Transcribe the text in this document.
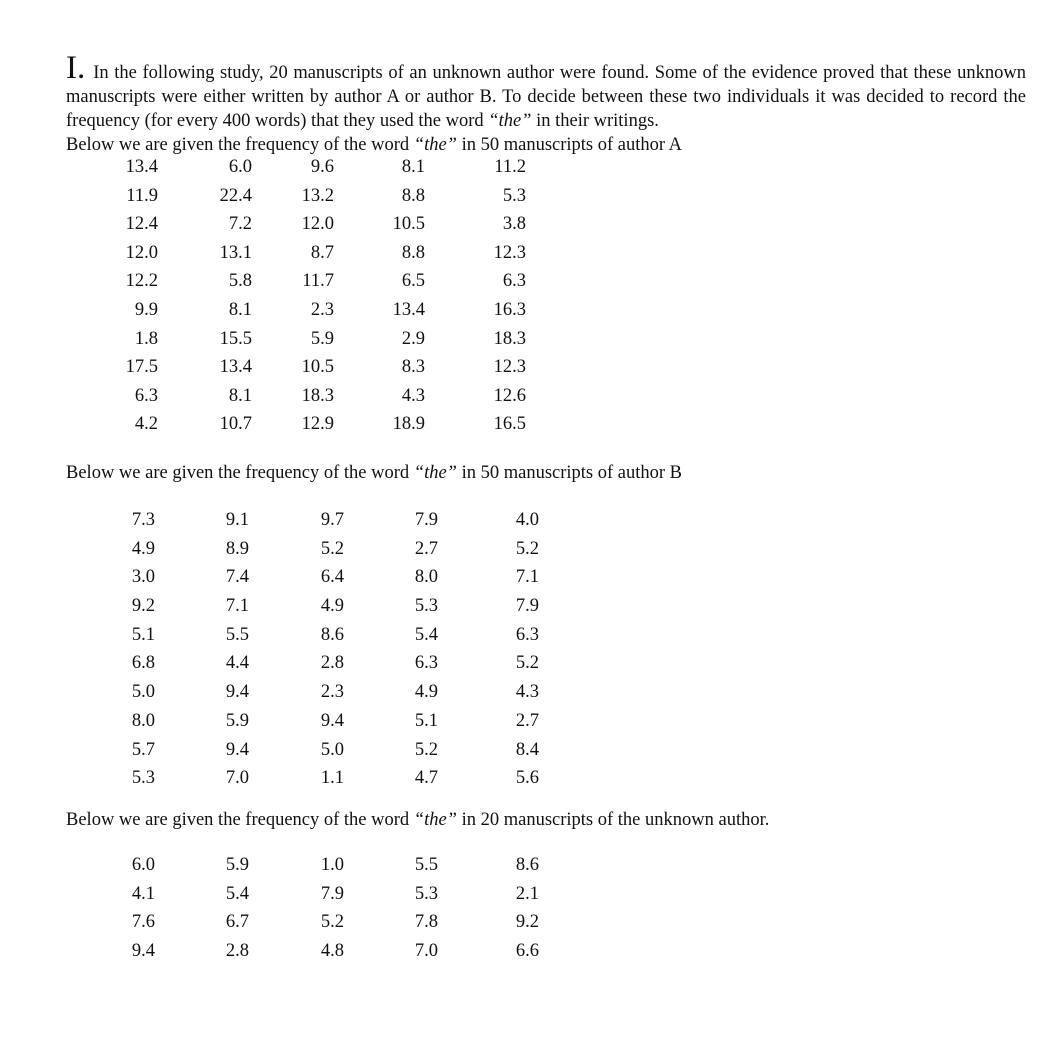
I. In the following study, 20 manuscripts of an unknown author were found. Some of the evidence proved that these unknown manuscripts were either written by author A or author B. To decide between these two individuals it was decided to record the frequency (for every 400 words) that they used the word “the” in their writings.

Below we are given the frequency of the word “the” in 50 manuscripts of author A

13.4	6.0	9.6	8.1	11.2
11.9	22.4	13.2	8.8	5.3
12.4	7.2	12.0	10.5	3.8
12.0	13.1	8.7	8.8	12.3
12.2	5.8	11.7	6.5	6.3
9.9	8.1	2.3	13.4	16.3
1.8	15.5	5.9	2.9	18.3
17.5	13.4	10.5	8.3	12.3
6.3	8.1	18.3	4.3	12.6
4.2	10.7	12.9	18.9	16.5

Below we are given the frequency of the word “the” in 50 manuscripts of author B

7.3	9.1	9.7	7.9	4.0
4.9	8.9	5.2	2.7	5.2
3.0	7.4	6.4	8.0	7.1
9.2	7.1	4.9	5.3	7.9
5.1	5.5	8.6	5.4	6.3
6.8	4.4	2.8	6.3	5.2
5.0	9.4	2.3	4.9	4.3
8.0	5.9	9.4	5.1	2.7
5.7	9.4	5.0	5.2	8.4
5.3	7.0	1.1	4.7	5.6

Below we are given the frequency of the word “the” in 20 manuscripts of the unknown author.

6.0	5.9	1.0	5.5	8.6
4.1	5.4	7.9	5.3	2.1
7.6	6.7	5.2	7.8	9.2
9.4	2.8	4.8	7.0	6.6
